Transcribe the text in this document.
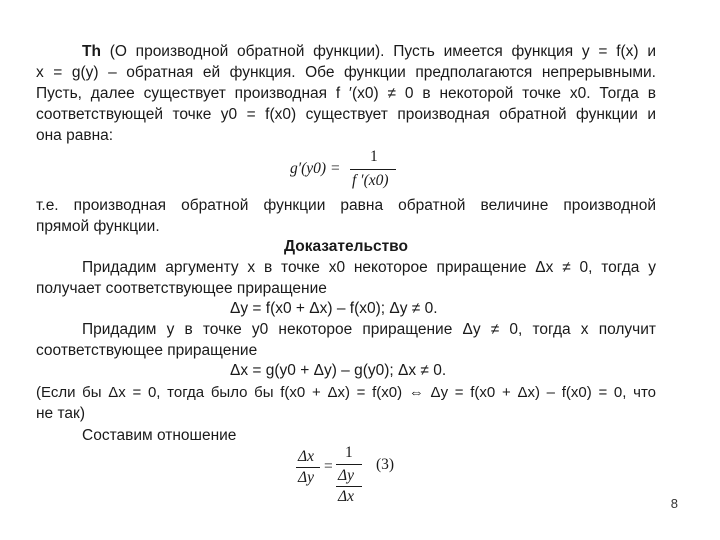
Th (О производной обратной функции). Пусть имеется функция y = f(x) и
x = g(y) – обратная ей функция. Обе функции предполагаются непрерывными.
Пусть, далее существует производная f ′(x0) ≠ 0 в некоторой точке x0. Тогда в
соответствующей точке y0 = f(x0) существует производная обратной функции и
она равна:
g′(y0) =
1
f ′(x0)
т.е. производная обратной функции равна обратной величине производной
прямой функции.
Доказательство
Придадим аргументу x в точке x0 некоторое приращение Δx ≠ 0, тогда y
получает соответствующее приращение
Δy = f(x0 + Δx) – f(x0); Δy ≠ 0.
Придадим y в точке y0 некоторое приращение Δy ≠ 0, тогда x получит
соответствующее приращение
Δx = g(y0 + Δy) – g(y0); Δx ≠ 0.
(Если бы Δx = 0, тогда было бы f(x0 + Δx) = f(x0) ⇔ Δy = f(x0 + Δx) – f(x0) = 0, что
не так)
Составим отношение
Δx
Δy
=
1
Δy
Δx
(3)
8
